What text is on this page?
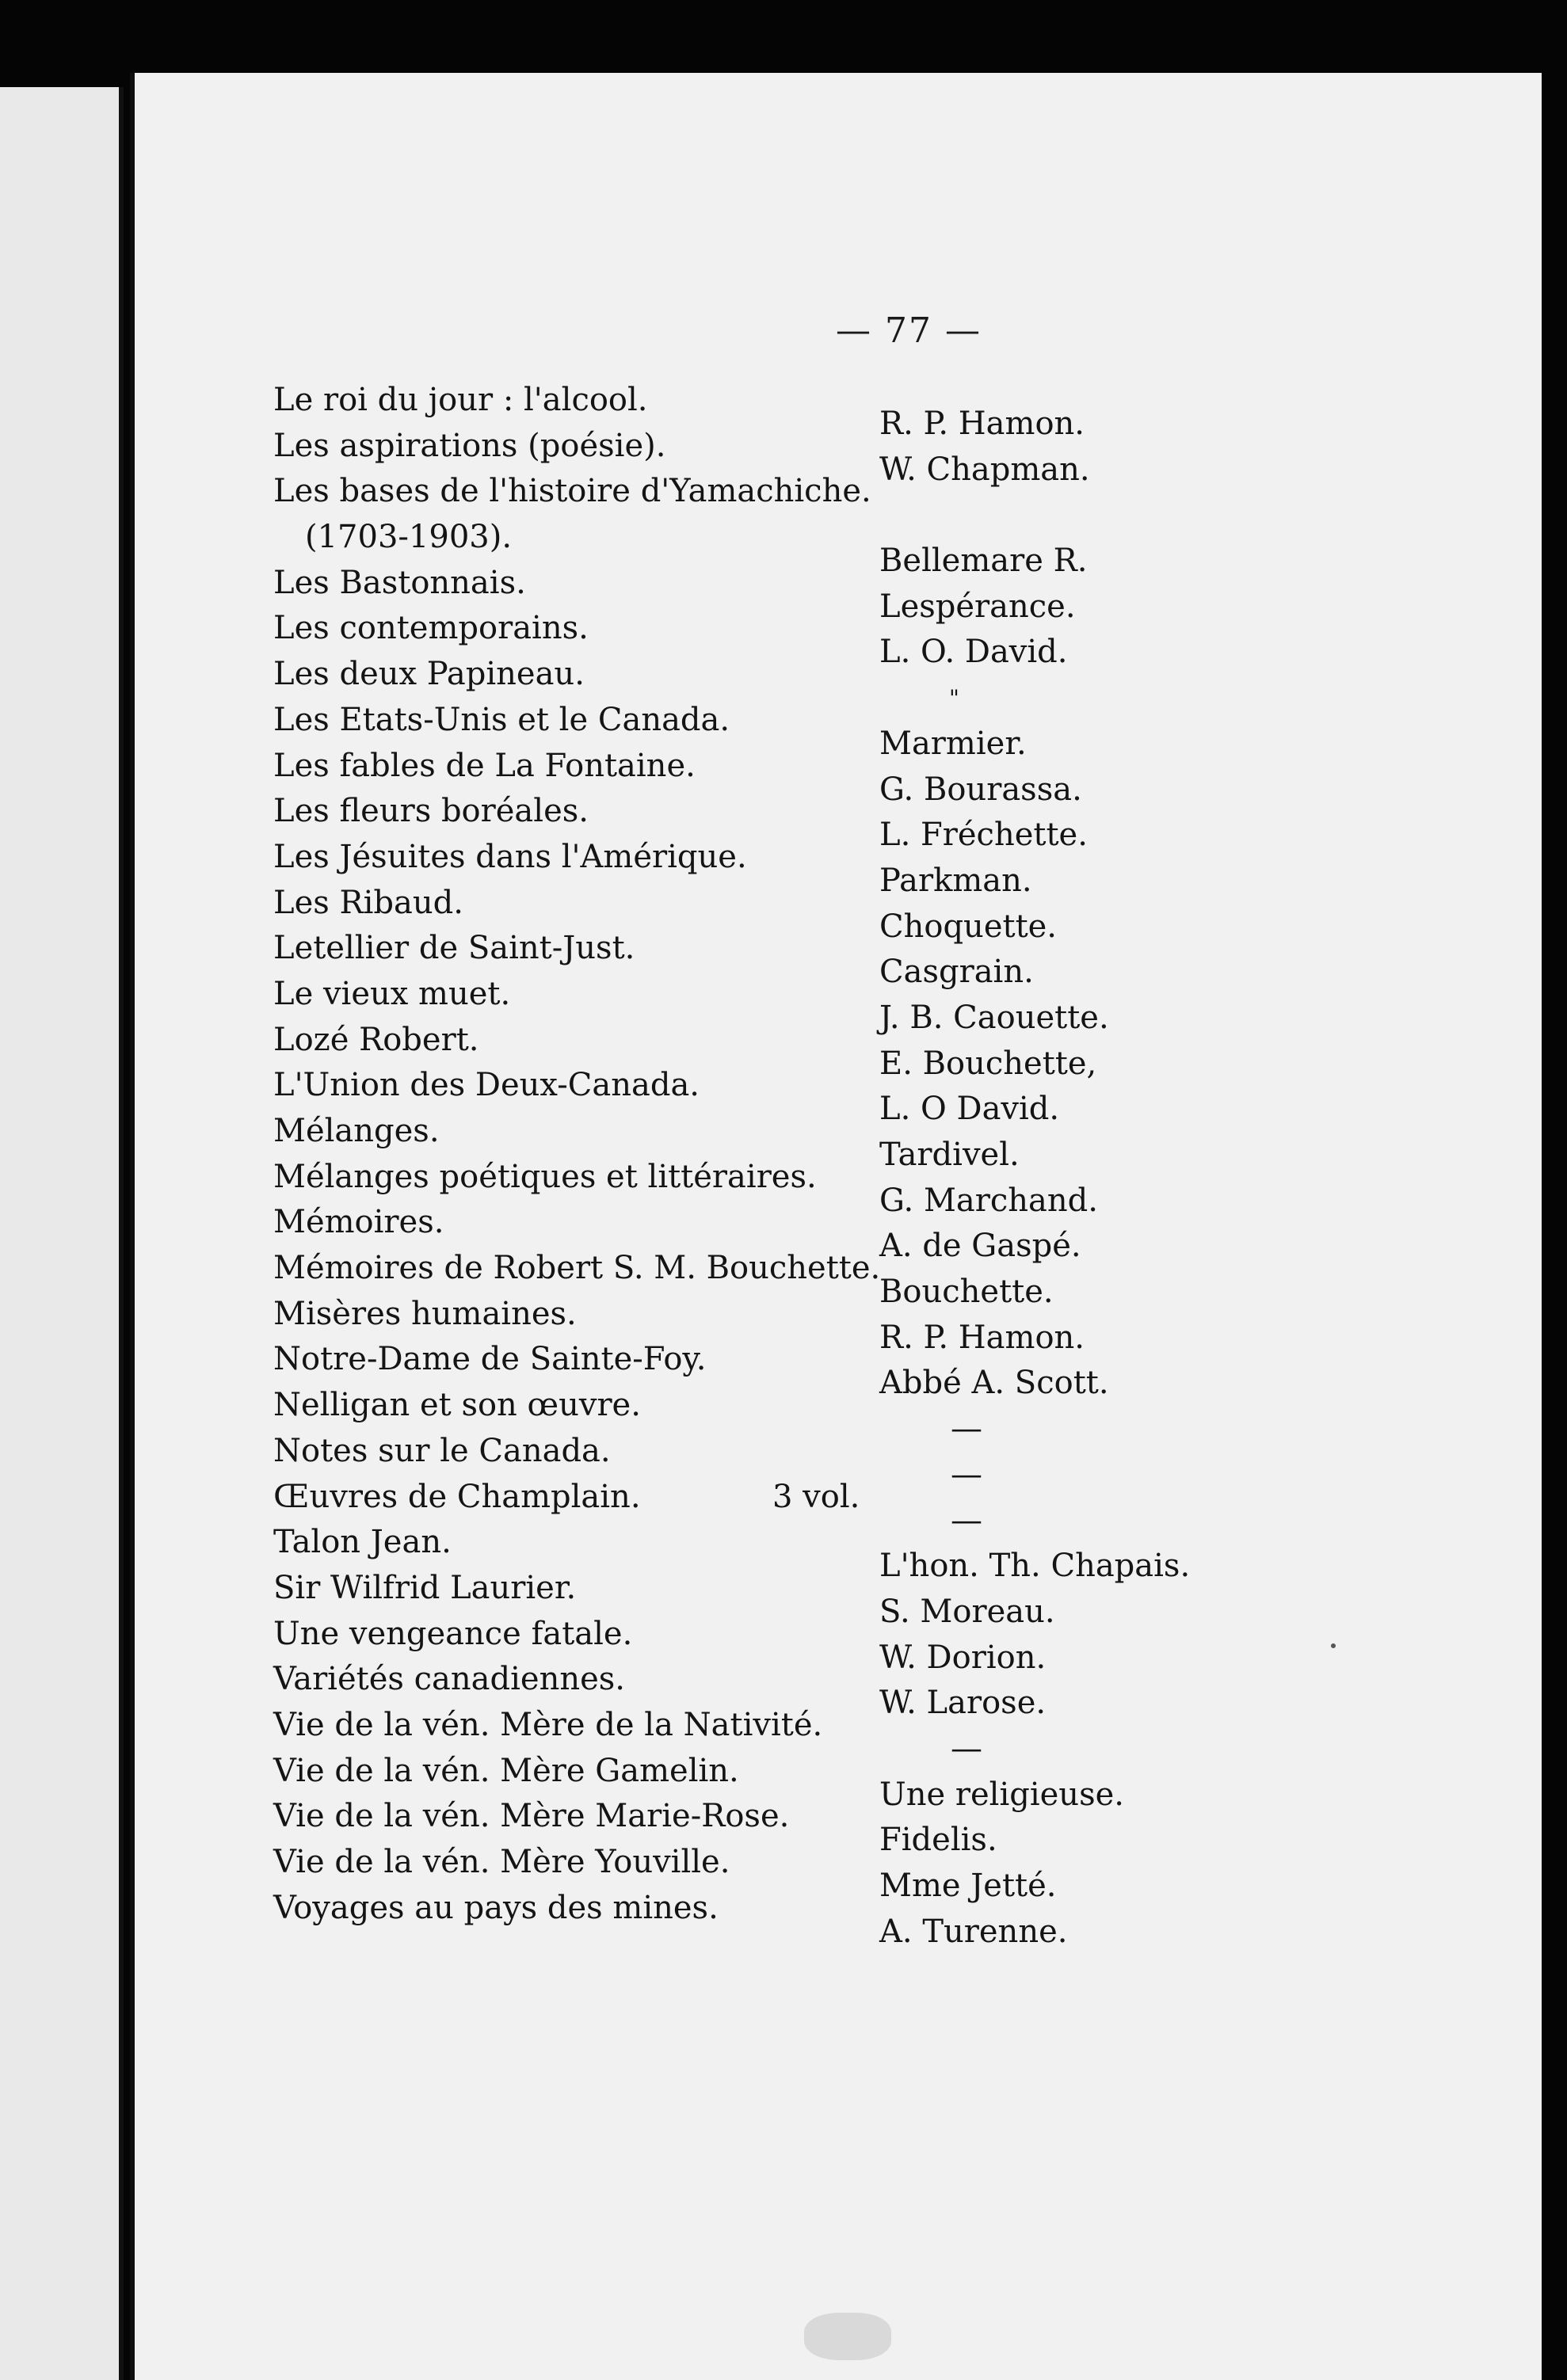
— 77 —
Le roi du jour : l'alcool.
Les aspirations (poésie).
Les bases de l'histoire d'Yamachiche.
(1703-1903).
Les Bastonnais.
Les contemporains.
Les deux Papineau.
Les Etats-Unis et le Canada.
Les fables de La Fontaine.
Les fleurs boréales.
Les Jésuites dans l'Amérique.
Les Ribaud.
Letellier de Saint-Just.
Le vieux muet.
Lozé Robert.
L'Union des Deux-Canada.
Mélanges.
Mélanges poétiques et littéraires.
Mémoires.
Mémoires de Robert S. M. Bouchette.
Misères humaines.
Notre-Dame de Sainte-Foy.
Nelligan et son œuvre.
Notes sur le Canada.
Œuvres de Champlain.	3 vol.
Talon Jean.
Sir Wilfrid Laurier.
Une vengeance fatale.
Variétés canadiennes.
Vie de la vén. Mère de la Nativité.
Vie de la vén. Mère Gamelin.
Vie de la vén. Mère Marie-Rose.
Vie de la vén. Mère Youville.
Voyages au pays des mines.
R. P. Hamon.
W. Chapman.
Bellemare R.
Lespérance.
L. O. David.
"
Marmier.
G. Bourassa.
L. Fréchette.
Parkman.
Choquette.
Casgrain.
J. B. Caouette.
E. Bouchette,
L. O David.
Tardivel.
G. Marchand.
A. de Gaspé.
Bouchette.
R. P. Hamon.
Abbé A. Scott.
—
—
—
L'hon. Th. Chapais.
S. Moreau.
W. Dorion.
W. Larose.
—
Une religieuse.
Fidelis.
Mme Jetté.
A. Turenne.
